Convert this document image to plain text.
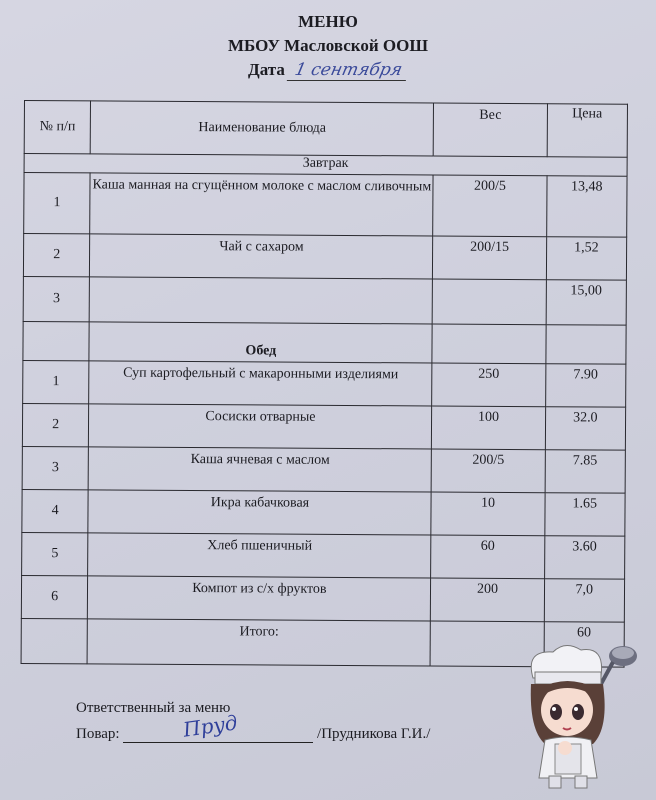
МЕНЮ
МБОУ Масловской ООШ
Дата 1 сентября
№ п/п	Наименование блюда	Вес	Цена
Завтрак			
1	Каша манная на сгущённом молоке с маслом сливочным	200/5	13,48
2	Чай с сахаром	200/15	1,52
3			15,00
	Обед		
1	Суп картофельный с макаронными изделиями	250	7.90
2	Сосиски отварные	100	32.0
3	Каша ячневая с маслом	200/5	7.85
4	Икра кабачковая	10	1.65
5	Хлеб пшеничный	60	3.60
6	Компот из с/х фруктов	200	7,0
	Итого:		60
Ответственный за меню
Повар:	Пруд	/Прудникова Г.И./
